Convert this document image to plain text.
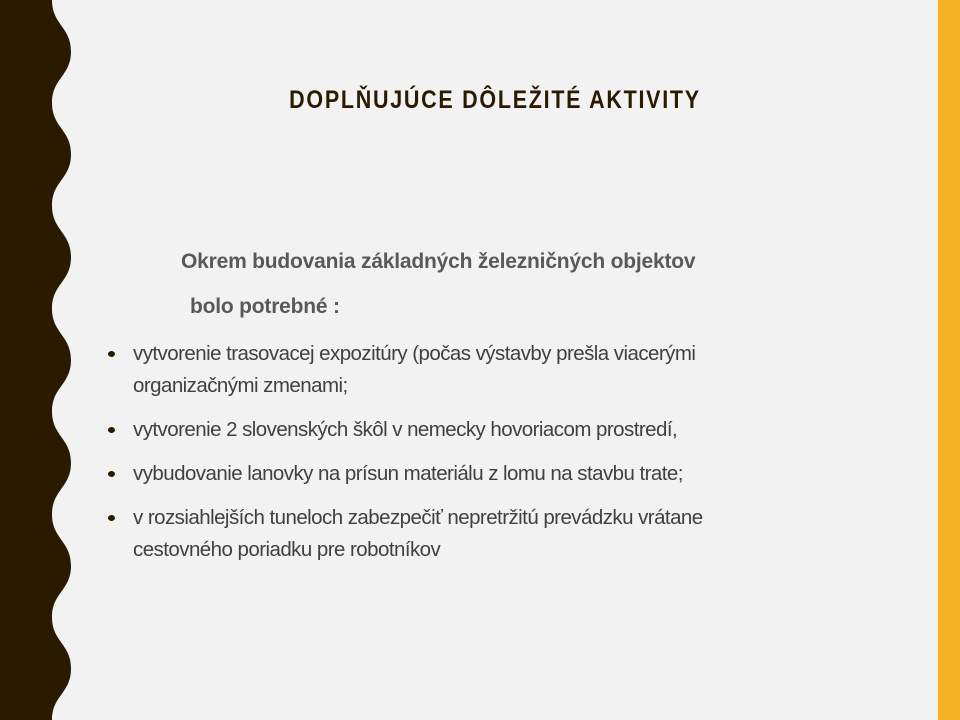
DOPLŇUJÚCE DÔLEŽITÉ AKTIVITY
Okrem budovania základných železničných objektov
bolo potrebné :
vytvorenie trasovacej expozitúry (počas výstavby prešla viacerými
organizačnými zmenami;
vytvorenie 2 slovenských škôl v nemecky hovoriacom prostredí,
vybudovanie lanovky na prísun materiálu z lomu na stavbu trate;
v rozsiahlejších tuneloch zabezpečiť nepretržitú prevádzku vrátane
cestovného poriadku pre robotníkov
